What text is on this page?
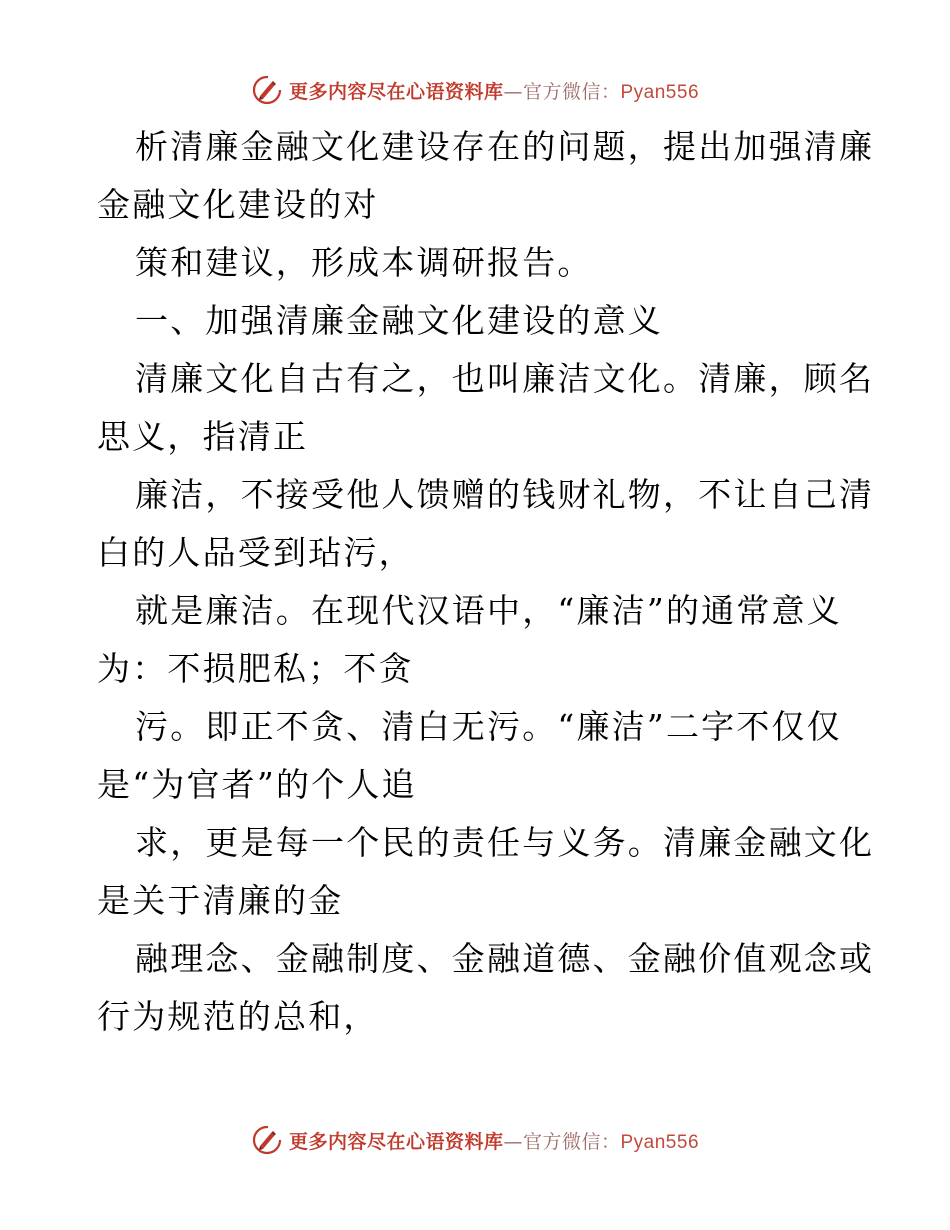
更多内容尽在心语资料库—官方微信：Pyan556
析清廉金融文化建设存在的问题，提出加强清廉
金融文化建设的对
策和建议，形成本调研报告。
一、加强清廉金融文化建设的意义
清廉文化自古有之，也叫廉洁文化。清廉，顾名
思义，指清正
廉洁，不接受他人馈赠的钱财礼物，不让自己清
白的人品受到玷污，
就是廉洁。在现代汉语中，“廉洁”的通常意义
为：不损肥私；不贪
污。即正不贪、清白无污。“廉洁”二字不仅仅
是“为官者”的个人追
求，更是每一个民的责任与义务。清廉金融文化
是关于清廉的金
融理念、金融制度、金融道德、金融价值观念或
行为规范的总和，
更多内容尽在心语资料库—官方微信：Pyan556
